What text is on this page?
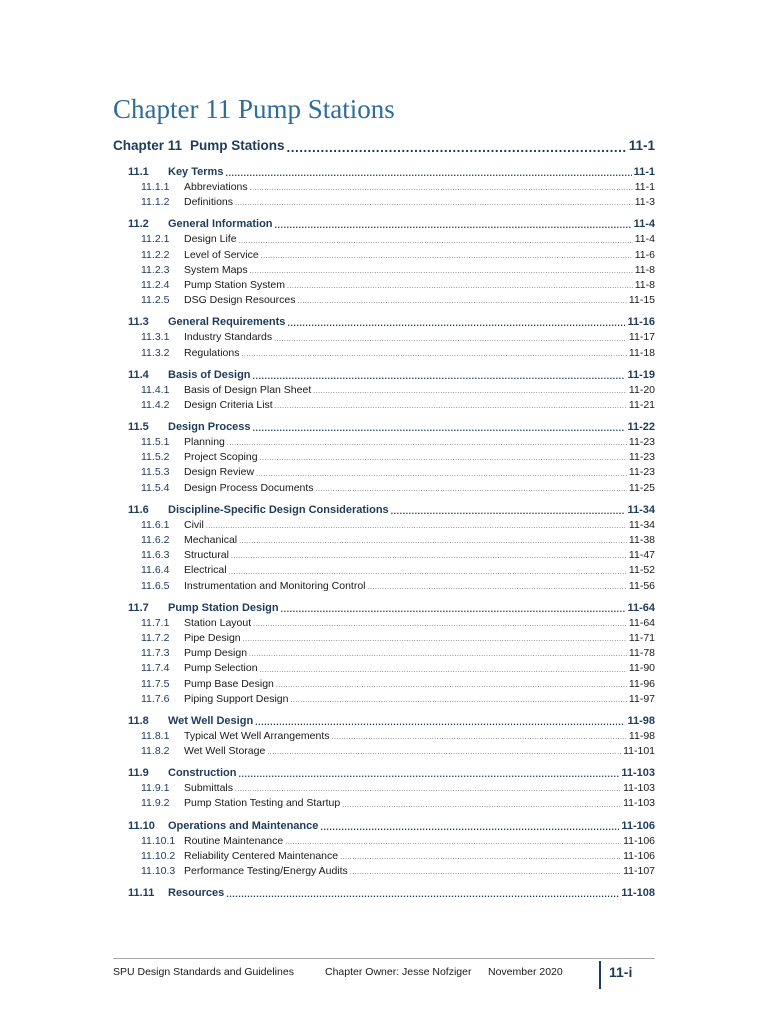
Chapter 11 Pump Stations
Chapter 11 Pump Stations .....	11-1
11.1	Key Terms .....	11-1
11.1.1	Abbreviations .....	11-1
11.1.2	Definitions .....	11-3
11.2	General Information .....	11-4
11.2.1	Design Life .....	11-4
11.2.2	Level of Service .....	11-6
11.2.3	System Maps .....	11-8
11.2.4	Pump Station System .....	11-8
11.2.5	DSG Design Resources .....	11-15
11.3	General Requirements .....	11-16
11.3.1	Industry Standards .....	11-17
11.3.2	Regulations .....	11-18
11.4	Basis of Design .....	11-19
11.4.1	Basis of Design Plan Sheet .....	11-20
11.4.2	Design Criteria List .....	11-21
11.5	Design Process .....	11-22
11.5.1	Planning .....	11-23
11.5.2	Project Scoping .....	11-23
11.5.3	Design Review .....	11-23
11.5.4	Design Process Documents .....	11-25
11.6	Discipline-Specific Design Considerations .....	11-34
11.6.1	Civil .....	11-34
11.6.2	Mechanical .....	11-38
11.6.3	Structural .....	11-47
11.6.4	Electrical .....	11-52
11.6.5	Instrumentation and Monitoring Control .....	11-56
11.7	Pump Station Design .....	11-64
11.7.1	Station Layout .....	11-64
11.7.2	Pipe Design .....	11-71
11.7.3	Pump Design .....	11-78
11.7.4	Pump Selection .....	11-90
11.7.5	Pump Base Design .....	11-96
11.7.6	Piping Support Design .....	11-97
11.8	Wet Well Design .....	11-98
11.8.1	Typical Wet Well Arrangements .....	11-98
11.8.2	Wet Well Storage .....	11-101
11.9	Construction .....	11-103
11.9.1	Submittals .....	11-103
11.9.2	Pump Station Testing and Startup .....	11-103
11.10	Operations and Maintenance .....	11-106
11.10.1 Routine Maintenance .....	11-106
11.10.2 Reliability Centered Maintenance .....	11-106
11.10.3 Performance Testing/Energy Audits .....	11-107
11.11	Resources .....	11-108
SPU Design Standards and Guidelines	Chapter Owner: Jesse Nofziger November 2020	11-i
